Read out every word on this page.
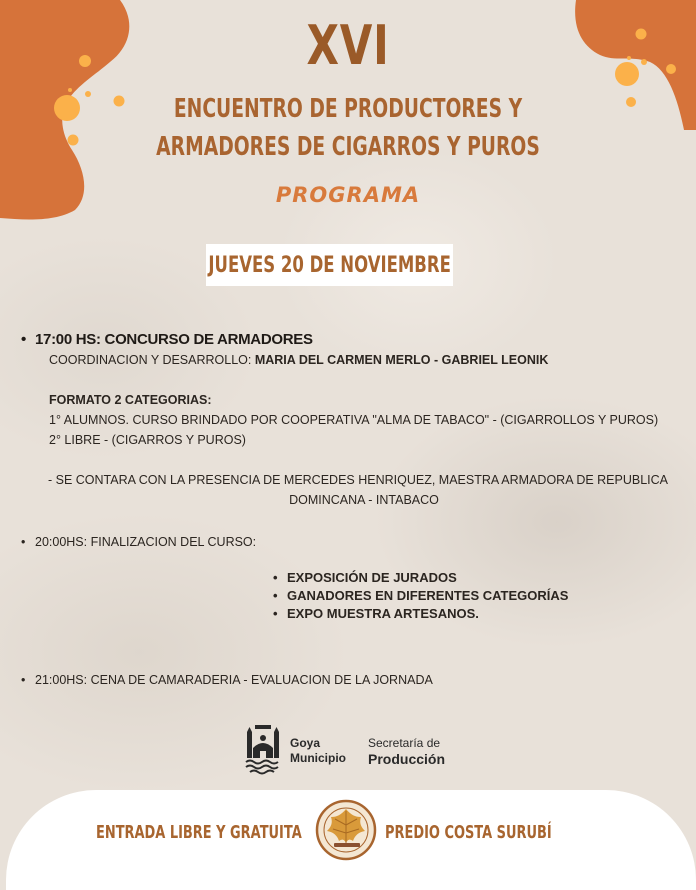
XVI
ENCUENTRO DE PRODUCTORES Y
ARMADORES DE CIGARROS Y PUROS
PROGRAMA
JUEVES 20 DE NOVIEMBRE
• 17:00 HS: CONCURSO DE ARMADORES
COORDINACION Y DESARROLLO: MARIA DEL CARMEN MERLO - GABRIEL LEONIK
FORMATO 2 CATEGORIAS:
1° ALUMNOS. CURSO BRINDADO POR COOPERATIVA "ALMA DE TABACO" - (CIGARROLLOS Y PUROS)
2° LIBRE - (CIGARROS Y PUROS)
- SE CONTARA CON LA PRESENCIA DE MERCEDES HENRIQUEZ, MAESTRA ARMADORA DE REPUBLICA
DOMINCANA - INTABACO
• 20:00HS: FINALIZACION DEL CURSO:
• EXPOSICIÓN DE JURADOS
• GANADORES EN DIFERENTES CATEGORÍAS
• EXPO MUESTRA ARTESANOS.
• 21:00HS: CENA DE CAMARADERIA - EVALUACION DE LA JORNADA
Goya
Municipio
Secretaría de
Producción
ENTRADA LIBRE Y GRATUITA	PREDIO COSTA SURUBÍ
